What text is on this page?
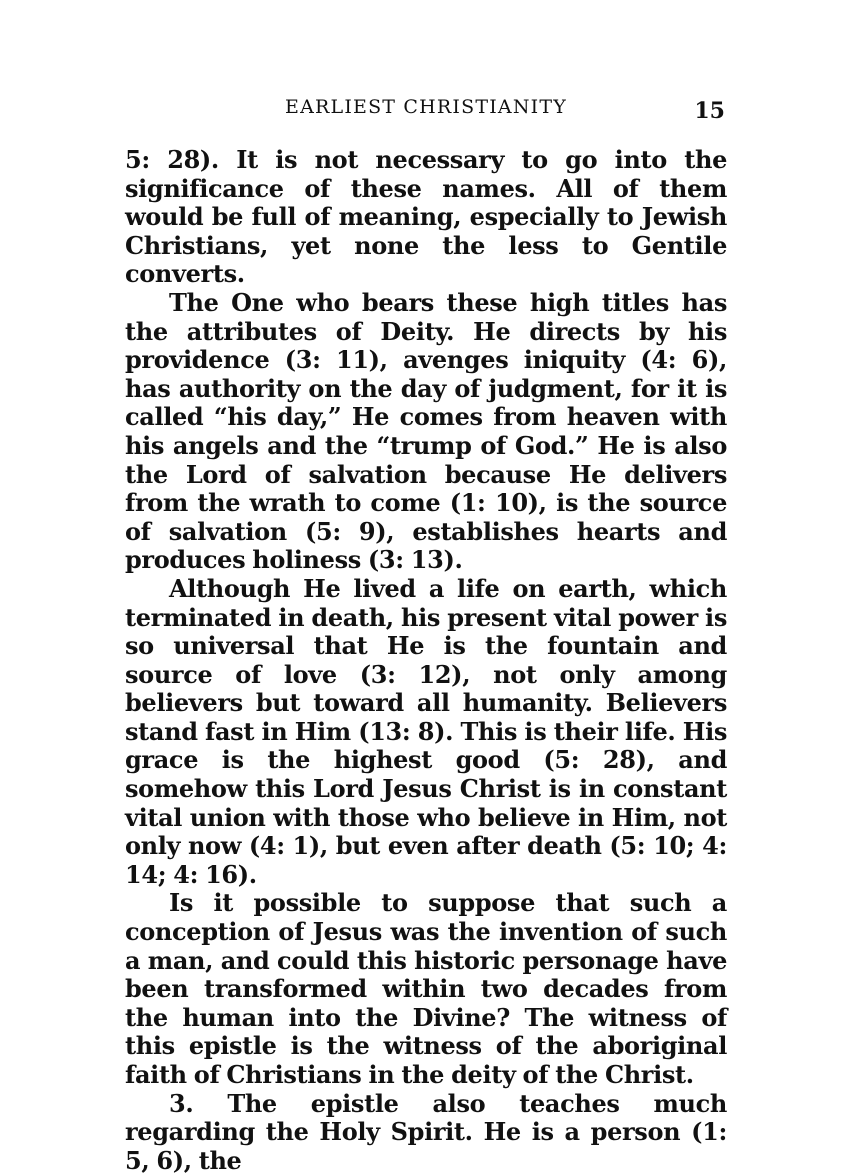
EARLIEST CHRISTIANITY	15

5: 28). It is not necessary to go into the significance of these names. All of them would be full of meaning, especially to Jewish Christians, yet none the less to Gentile converts.

The One who bears these high titles has the attributes of Deity. He directs by his providence (3: 11), avenges iniquity (4: 6), has authority on the day of judgment, for it is called “his day,” He comes from heaven with his angels and the “trump of God.” He is also the Lord of salvation because He delivers from the wrath to come (1: 10), is the source of salvation (5: 9), establishes hearts and produces holiness (3: 13).

Although He lived a life on earth, which terminated in death, his present vital power is so universal that He is the fountain and source of love (3: 12), not only among believers but toward all humanity. Believers stand fast in Him (13: 8). This is their life. His grace is the highest good (5: 28), and somehow this Lord Jesus Christ is in constant vital union with those who believe in Him, not only now (4: 1), but even after death (5: 10; 4: 14; 4: 16).

Is it possible to suppose that such a conception of Jesus was the invention of such a man, and could this historic personage have been transformed within two decades from the human into the Divine? The witness of this epistle is the witness of the aboriginal faith of Christians in the deity of the Christ.

3. The epistle also teaches much regarding the Holy Spirit. He is a person (1: 5, 6), the
